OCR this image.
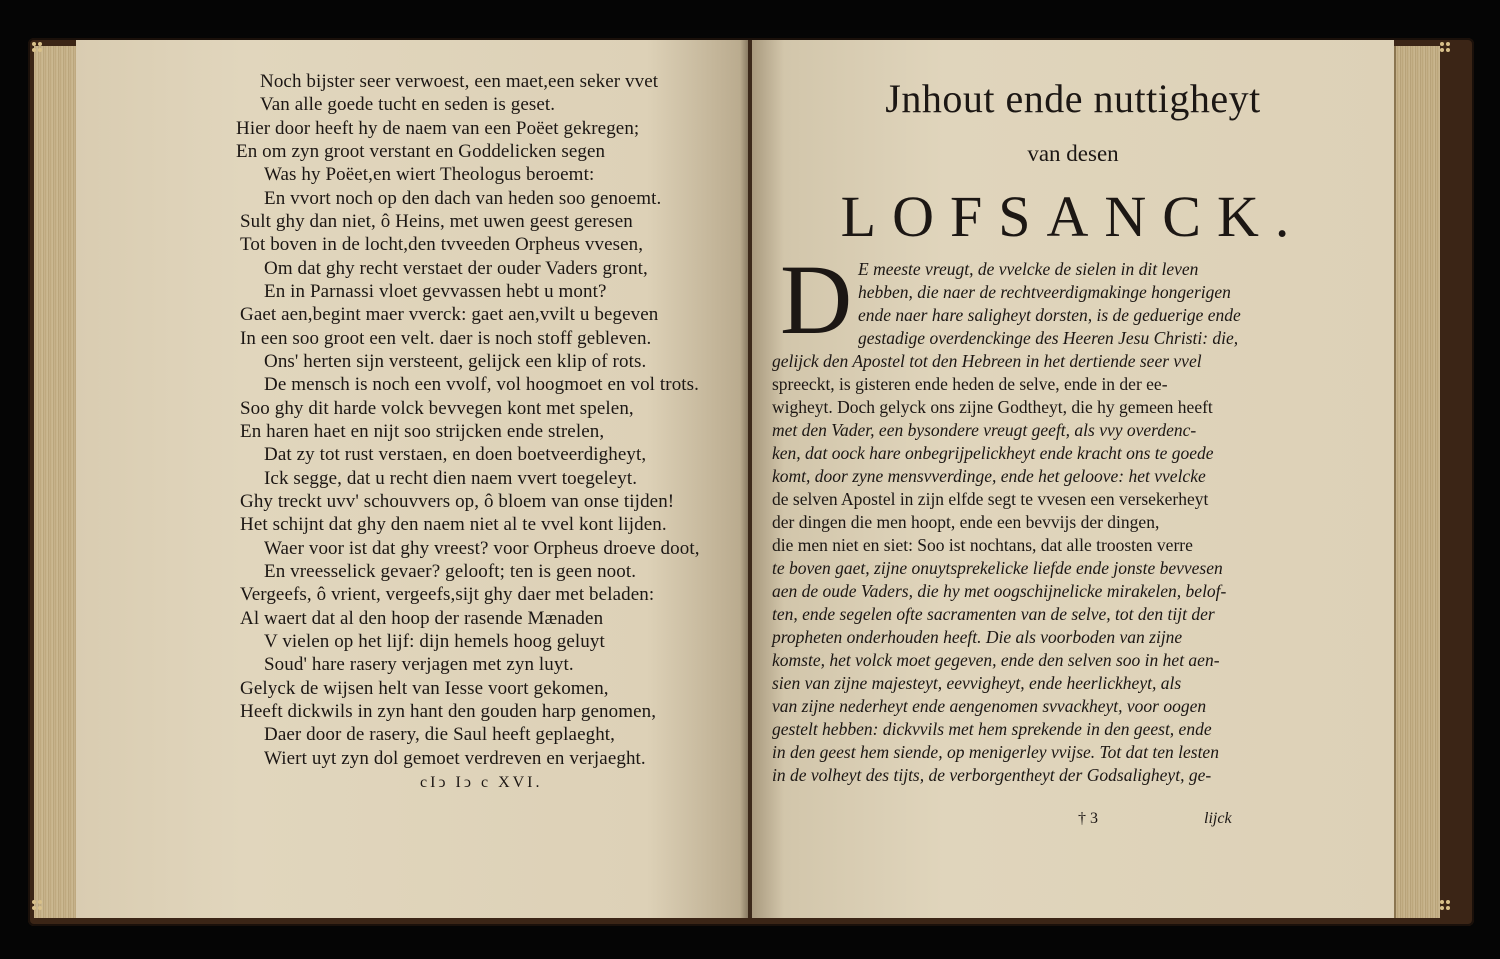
Noch bijster seer verwoest, een maet,een seker vvet
Van alle goede tucht en seden is geset.
Hier door heeft hy de naem van een Poëet gekregen;
En om zyn groot verstant en Goddelicken segen
Was hy Poëet,en wiert Theologus beroemt:
En vvort noch op den dach van heden soo genoemt.
Sult ghy dan niet, ô Heins, met uwen geest geresen
Tot boven in de locht,den tvveeden Orpheus vvesen,
Om dat ghy recht verstaet der ouder Vaders gront,
En in Parnassi vloet gevvassen hebt u mont?
Gaet aen,begint maer vverck: gaet aen,vvilt u begeven
In een soo groot een velt. daer is noch stoff gebleven.
Ons' herten sijn versteent, gelijck een klip of rots.
De mensch is noch een vvolf, vol hoogmoet en vol trots.
Soo ghy dit harde volck bevvegen kont met spelen,
En haren haet en nijt soo strijcken ende strelen,
Dat zy tot rust verstaen, en doen boetveerdigheyt,
Ick segge, dat u recht dien naem vvert toegeleyt.
Ghy treckt uvv' schouvvers op, ô bloem van onse tijden!
Het schijnt dat ghy den naem niet al te vvel kont lijden.
Waer voor ist dat ghy vreest? voor Orpheus droeve doot,
En vreesselick gevaer? gelooft; ten is geen noot.
Vergeefs, ô vrient, vergeefs,sijt ghy daer met beladen:
Al waert dat al den hoop der rasende Mænaden
V vielen op het lijf: dijn hemels hoog geluyt
Soud' hare rasery verjagen met zyn luyt.
Gelyck de wijsen helt van Iesse voort gekomen,
Heeft dickwils in zyn hant den gouden harp genomen,
Daer door de rasery, die Saul heeft geplaeght,
Wiert uyt zyn dol gemoet verdreven en verjaeght.
cIↄ Iↄ c XVI.
Jnhout ende nuttigheyt
van desen
LOFSANCK.
D E meeste vreugt, de vvelcke de sielen in dit leven
hebben, die naer de rechtveerdigmakinge hongerigen
ende naer hare saligheyt dorsten, is de geduerige ende
gestadige overdenckinge des Heeren Jesu Christi: die,
gelijck den Apostel tot den Hebreen in het dertiende seer vvel
spreeckt, is gisteren ende heden de selve, ende in der ee-
wigheyt. Doch gelyck ons zijne Godtheyt, die hy gemeen heeft
met den Vader, een bysondere vreugt geeft, als vvy overdenc-
ken, dat oock hare onbegrijpelickheyt ende kracht ons te goede
komt, door zyne mensvverdinge, ende het geloove: het vvelcke
de selven Apostel in zijn elfde segt te vvesen een versekerheyt
der dingen die men hoopt, ende een bevvijs der dingen,
die men niet en siet: Soo ist nochtans, dat alle troosten verre
te boven gaet, zijne onuytsprekelicke liefde ende jonste bevvesen
aen de oude Vaders, die hy met oogschijnelicke mirakelen, belof-
ten, ende segelen ofte sacramenten van de selve, tot den tijt der
propheten onderhouden heeft. Die als voorboden van zijne
komste, het volck moet gegeven, ende den selven soo in het aen-
sien van zijne majesteyt, eevvigheyt, ende heerlickheyt, als
van zijne nederheyt ende aengenomen svvackheyt, voor oogen
gestelt hebben: dickvvils met hem sprekende in den geest, ende
in den geest hem siende, op menigerley vvijse. Tot dat ten lesten
in de volheyt des tijts, de verborgentheyt der Godsaligheyt, ge-
† 3	lijck
